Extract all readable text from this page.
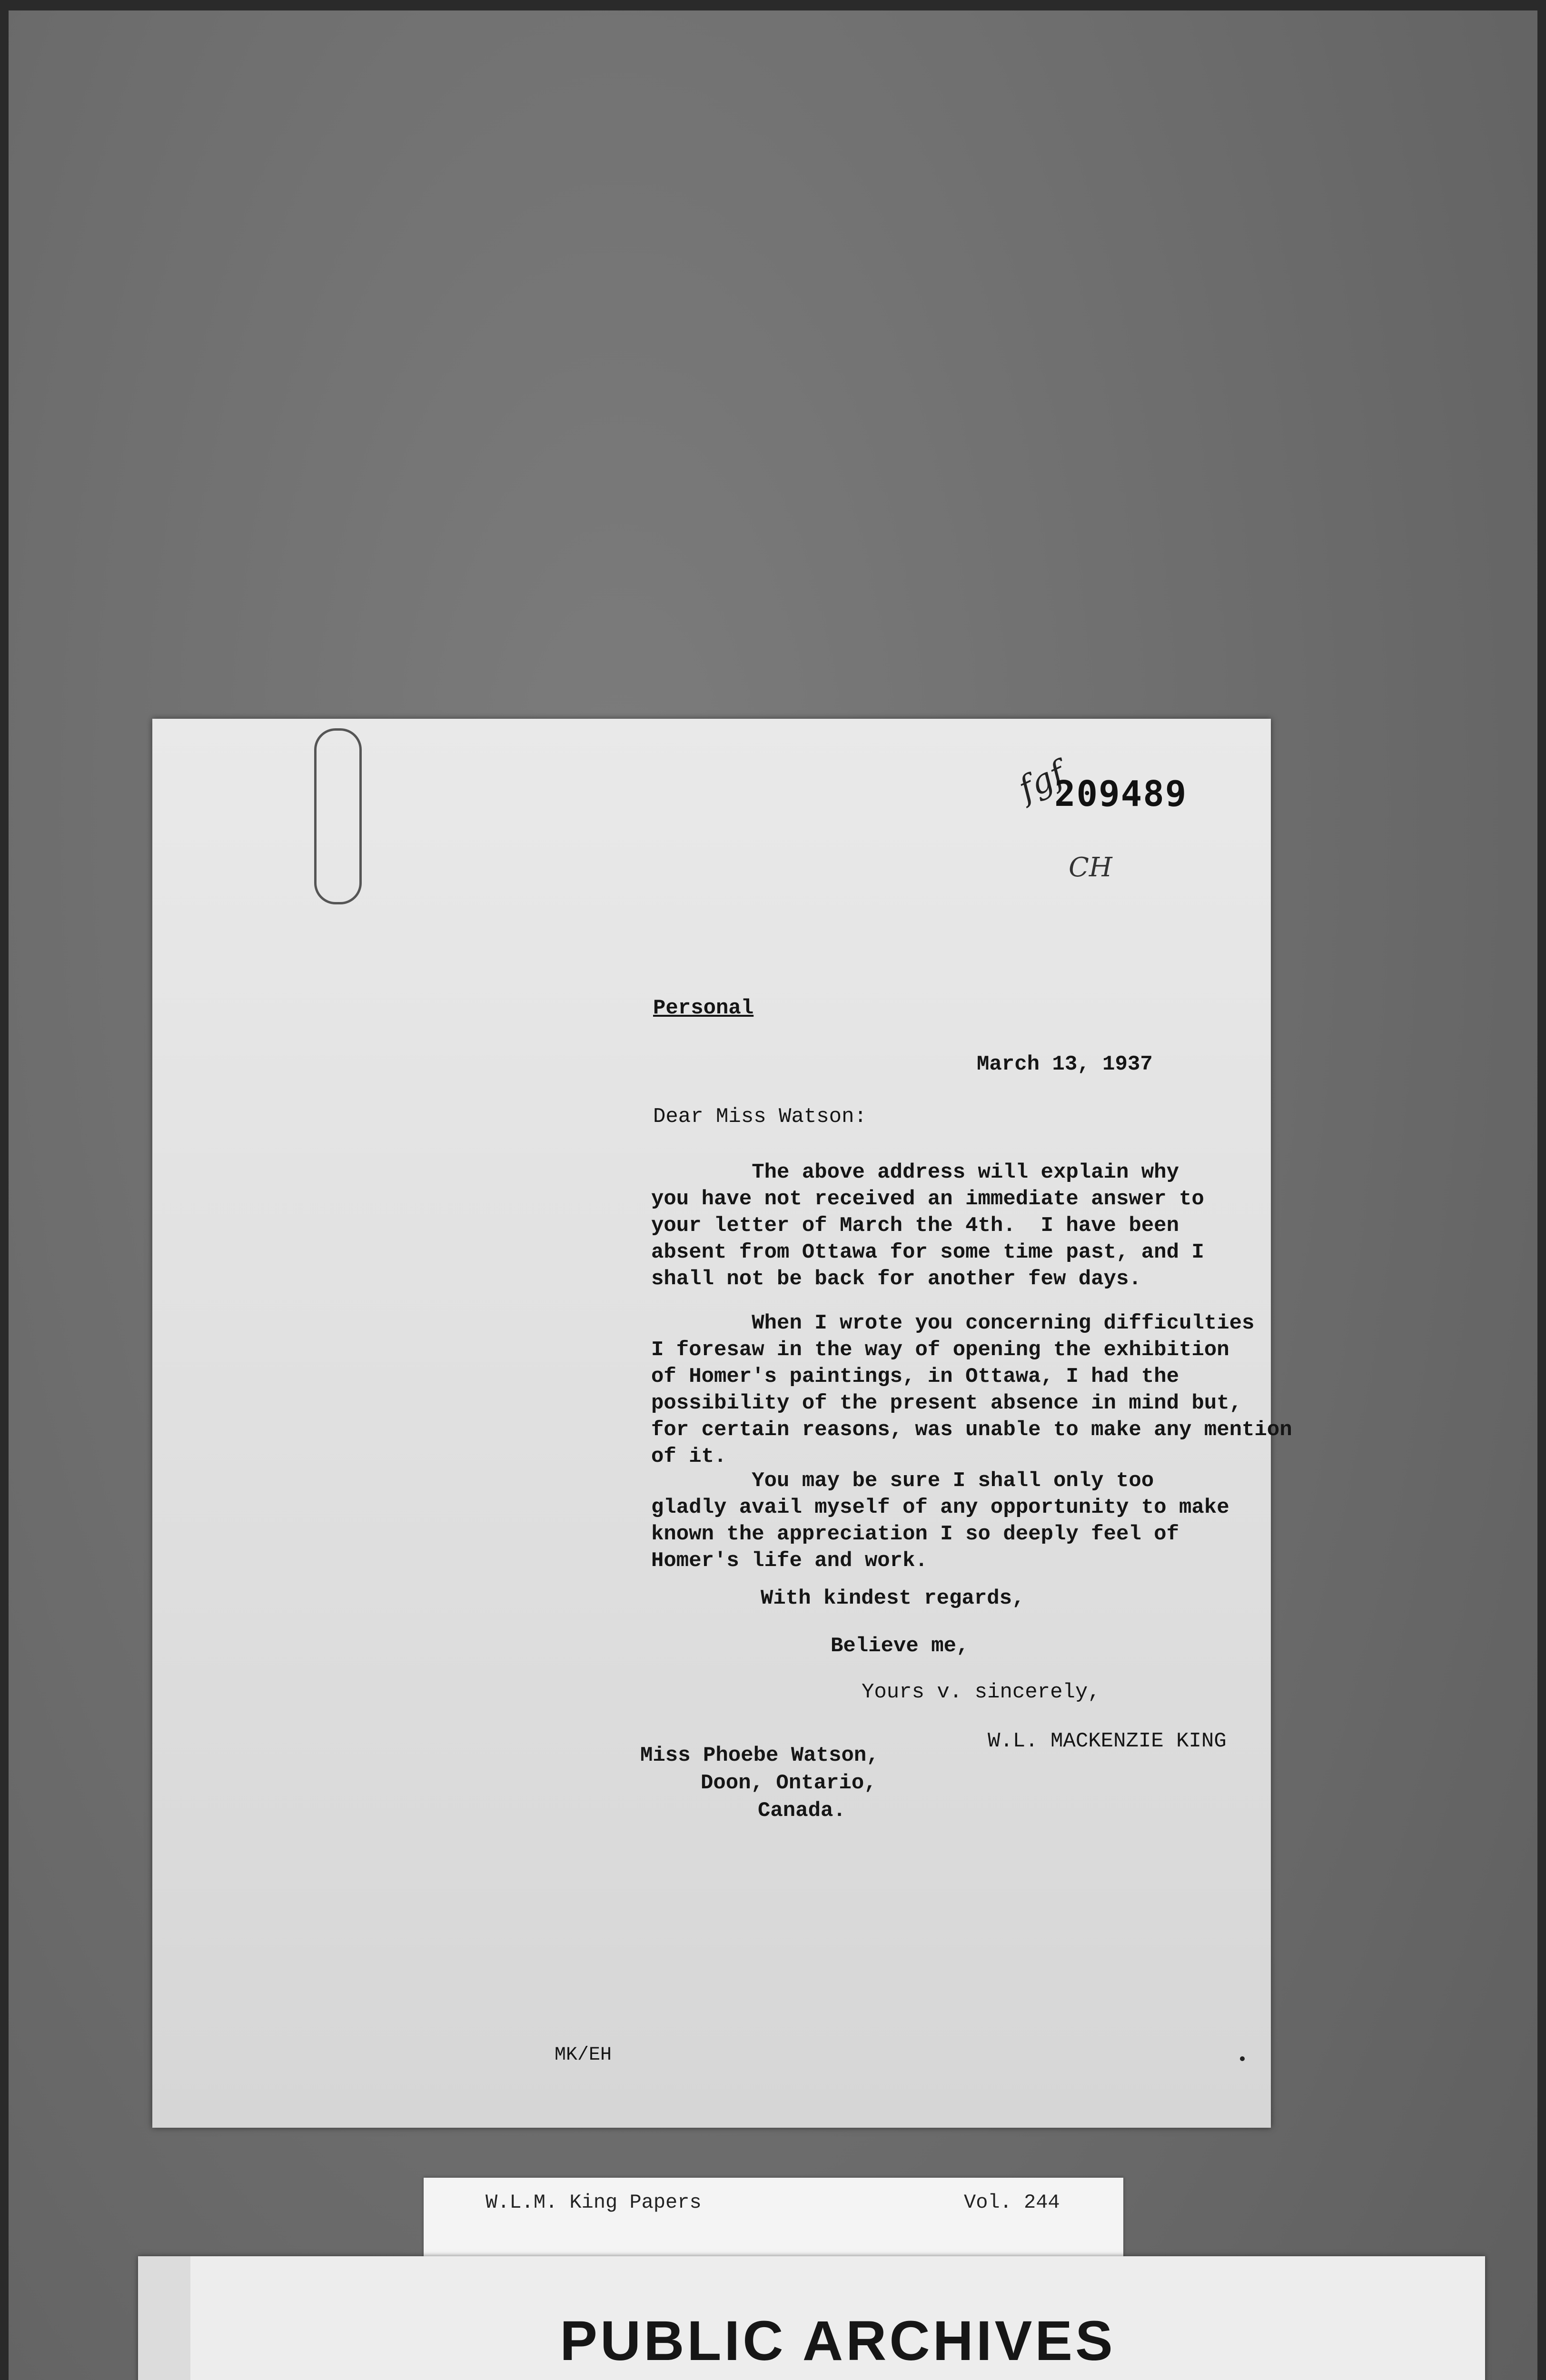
fgf
209489
CH
Personal
March 13, 1937
Dear Miss Watson:
The above address will explain why
you have not received an immediate answer to
your letter of March the 4th.  I have been
absent from Ottawa for some time past, and I
shall not be back for another few days.
When I wrote you concerning difficulties
I foresaw in the way of opening the exhibition
of Homer's paintings, in Ottawa, I had the
possibility of the present absence in mind but,
for certain reasons, was unable to make any mention
of it.
You may be sure I shall only too
gladly avail myself of any opportunity to make
known the appreciation I so deeply feel of
Homer's life and work.
With kindest regards,
Believe me,
Yours v. sincerely,
W.L. MACKENZIE KING
Miss Phoebe Watson,
Doon, Ontario,
Canada.
MK/EH
W.L.M. King Papers	Vol. 244
PUBLIC ARCHIVES
